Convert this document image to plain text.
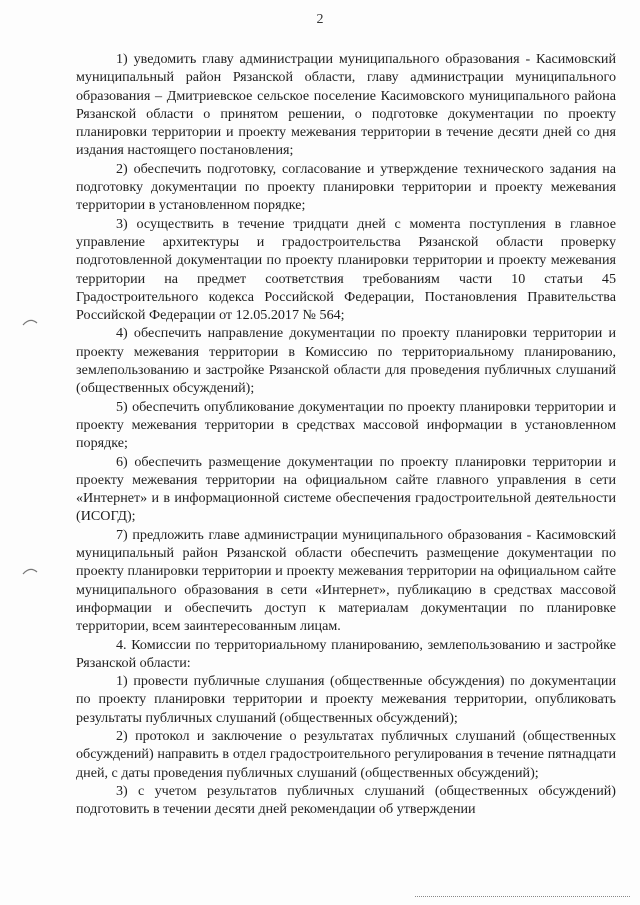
2

1) уведомить главу администрации муниципального образования - Касимовский муниципальный район Рязанской области, главу администрации муниципального образования – Дмитриевское сельское поселение Касимовского муниципального района Рязанской области о принятом решении, о подготовке документации по проекту планировки территории и проекту межевания территории в течение десяти дней со дня издания настоящего постановления;

2) обеспечить подготовку, согласование и утверждение технического задания на подготовку документации по проекту планировки территории и проекту межевания территории в установленном порядке;

3) осуществить в течение тридцати дней с момента поступления в главное управление архитектуры и градостроительства Рязанской области проверку подготовленной документации по проекту планировки территории и проекту межевания территории на предмет соответствия требованиям части 10 статьи 45 Градостроительного кодекса Российской Федерации, Постановления Правительства Российской Федерации от 12.05.2017 № 564;

4) обеспечить направление документации по проекту планировки территории и проекту межевания территории в Комиссию по территориальному планированию, землепользованию и застройке Рязанской области для проведения публичных слушаний (общественных обсуждений);

5) обеспечить опубликование документации по проекту планировки территории и проекту межевания территории в средствах массовой информации в установленном порядке;

6) обеспечить размещение документации по проекту планировки территории и проекту межевания территории на официальном сайте главного управления в сети «Интернет» и в информационной системе обеспечения градостроительной деятельности (ИСОГД);

7) предложить главе администрации муниципального образования - Касимовский муниципальный район Рязанской области обеспечить размещение документации по проекту планировки территории и проекту межевания территории на официальном сайте муниципального образования в сети «Интернет», публикацию в средствах массовой информации и обеспечить доступ к материалам документации по планировке территории, всем заинтересованным лицам.

4. Комиссии по территориальному планированию, землепользованию и застройке Рязанской области:

1) провести публичные слушания (общественные обсуждения) по документации по проекту планировки территории и проекту межевания территории, опубликовать результаты публичных слушаний (общественных обсуждений);

2) протокол и заключение о результатах публичных слушаний (общественных обсуждений) направить в отдел градостроительного регулирования в течение пятнадцати дней, с даты проведения публичных слушаний (общественных обсуждений);

3) с учетом результатов публичных слушаний (общественных обсуждений) подготовить в течении десяти дней рекомендации об утверждении
